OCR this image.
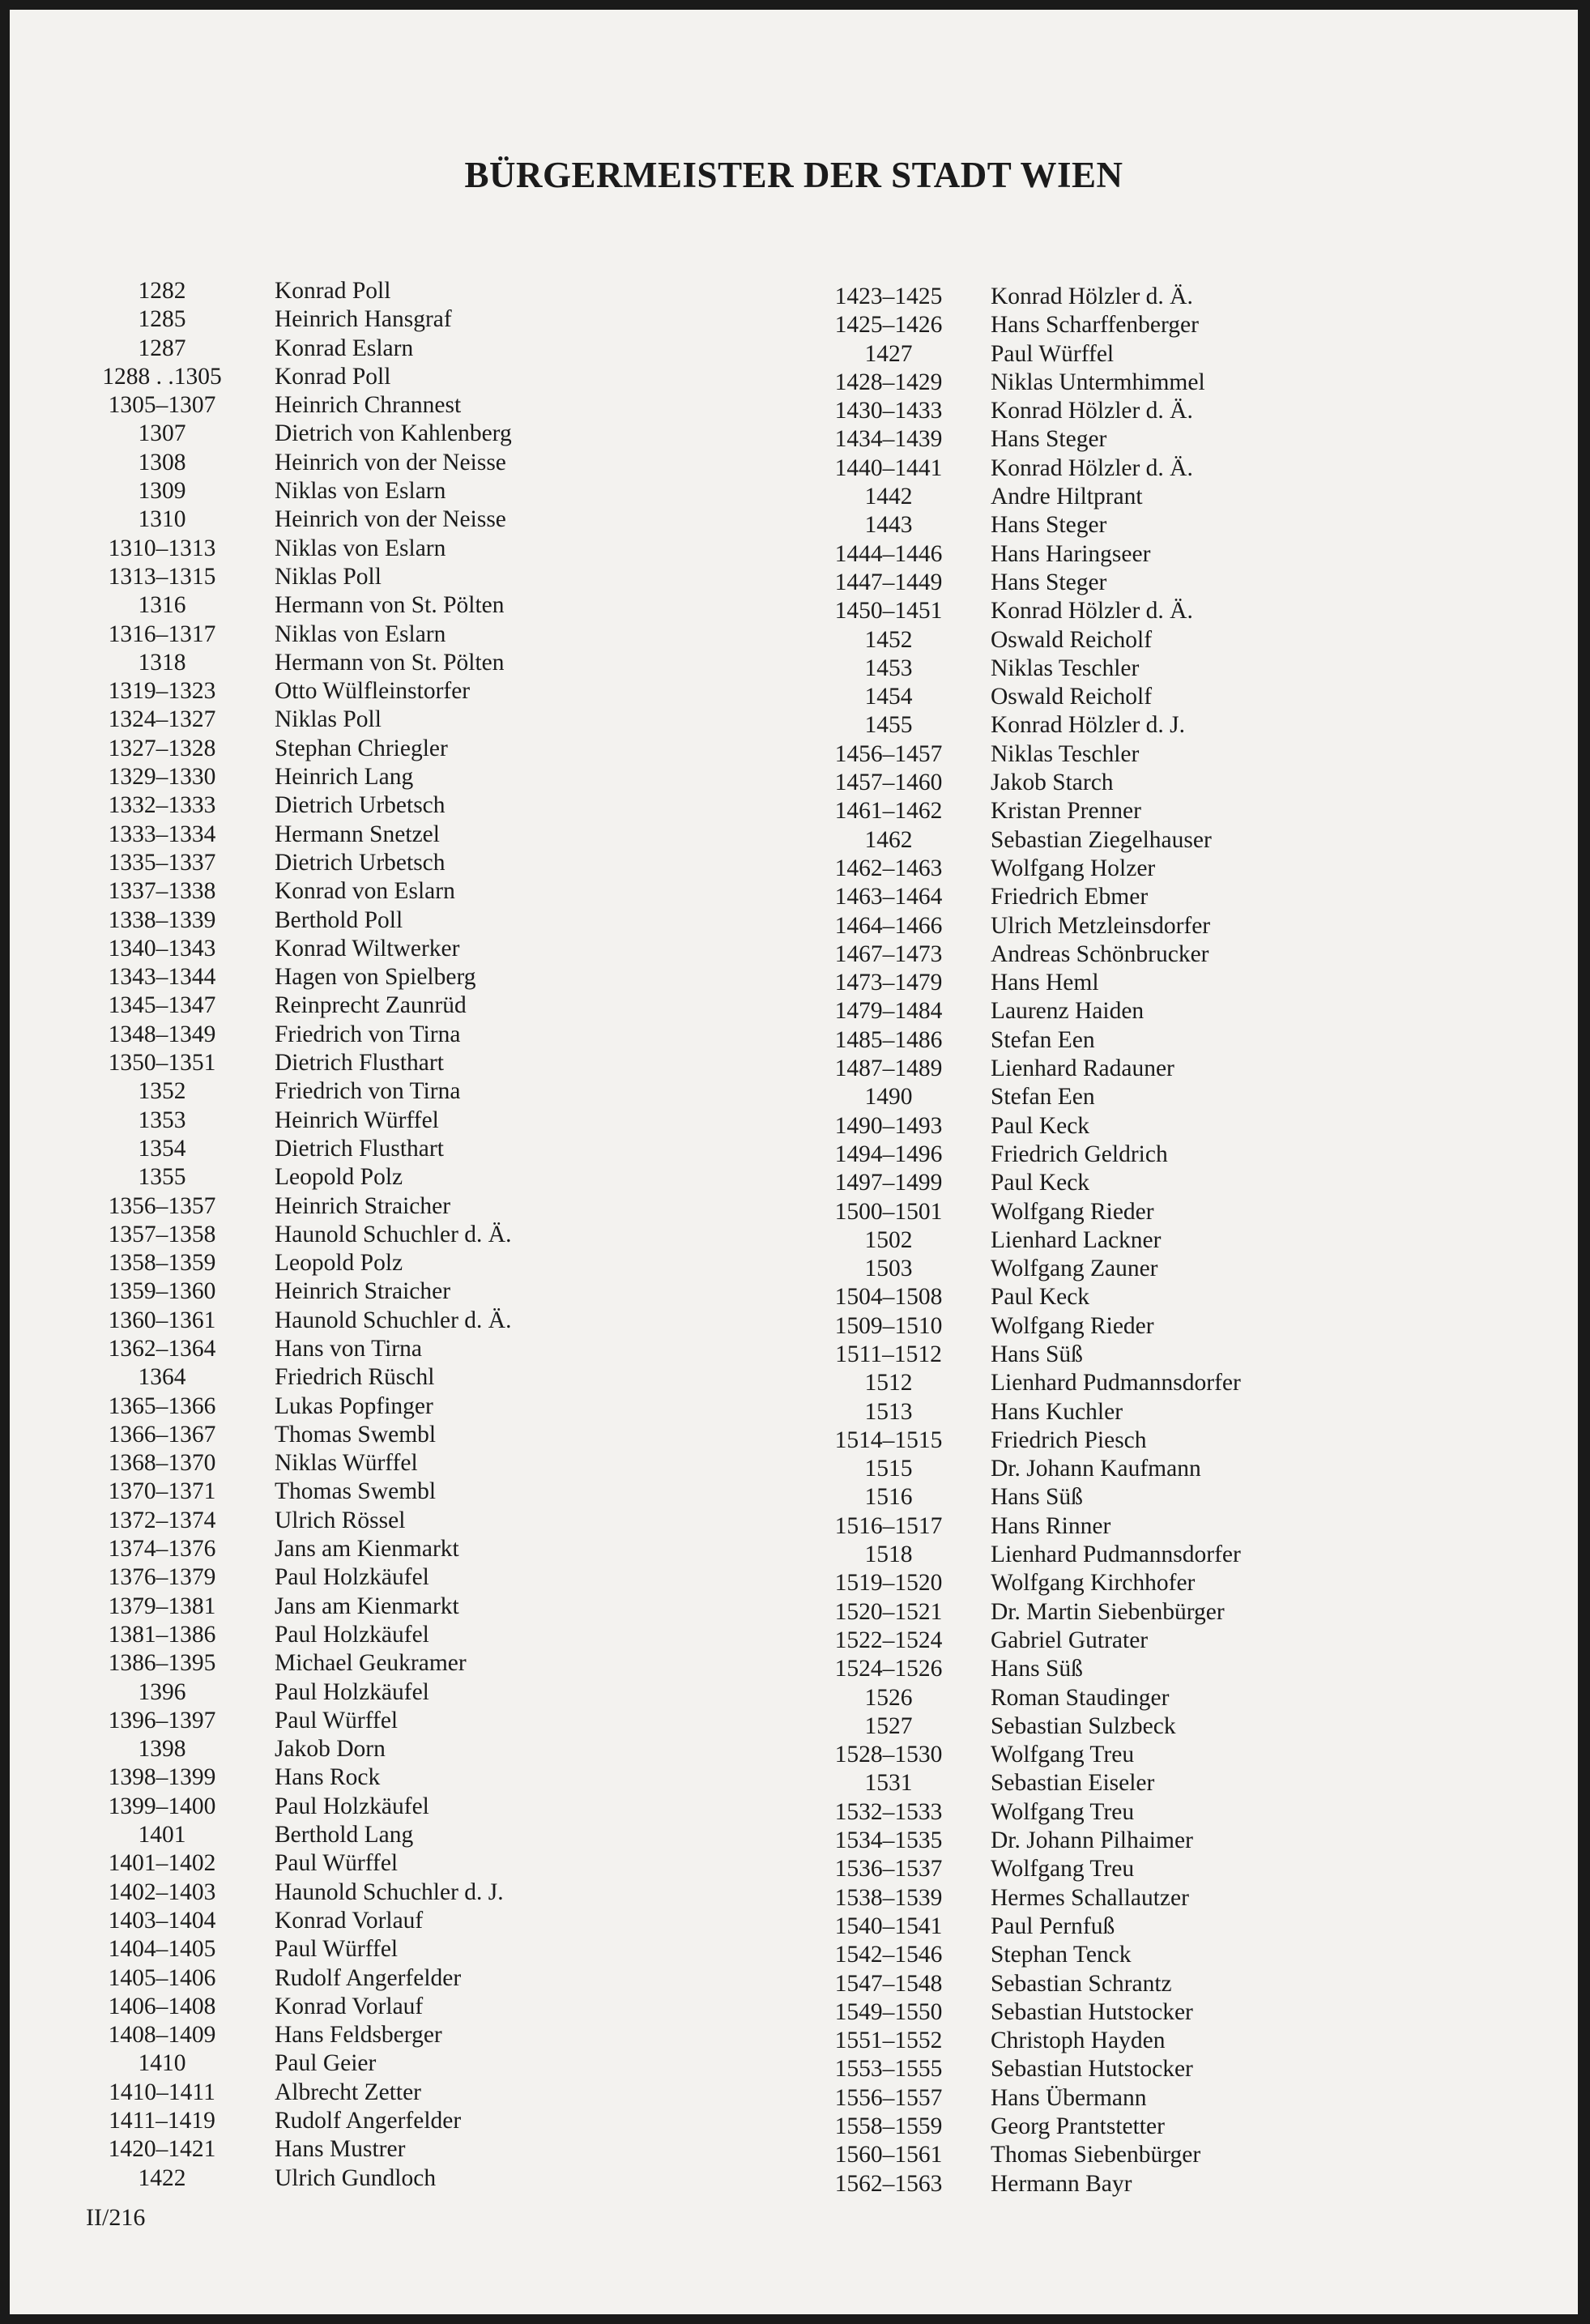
BÜRGERMEISTER DER STADT WIEN
1282	Konrad Poll
1285	Heinrich Hansgraf
1287	Konrad Eslarn
1288 . .1305	Konrad Poll
1305–1307	Heinrich Chrannest
1307	Dietrich von Kahlenberg
1308	Heinrich von der Neisse
1309	Niklas von Eslarn
1310	Heinrich von der Neisse
1310–1313	Niklas von Eslarn
1313–1315	Niklas Poll
1316	Hermann von St. Pölten
1316–1317	Niklas von Eslarn
1318	Hermann von St. Pölten
1319–1323	Otto Wülfleinstorfer
1324–1327	Niklas Poll
1327–1328	Stephan Chriegler
1329–1330	Heinrich Lang
1332–1333	Dietrich Urbetsch
1333–1334	Hermann Snetzel
1335–1337	Dietrich Urbetsch
1337–1338	Konrad von Eslarn
1338–1339	Berthold Poll
1340–1343	Konrad Wiltwerker
1343–1344	Hagen von Spielberg
1345–1347	Reinprecht Zaunrüd
1348–1349	Friedrich von Tirna
1350–1351	Dietrich Flusthart
1352	Friedrich von Tirna
1353	Heinrich Würffel
1354	Dietrich Flusthart
1355	Leopold Polz
1356–1357	Heinrich Straicher
1357–1358	Haunold Schuchler d. Ä.
1358–1359	Leopold Polz
1359–1360	Heinrich Straicher
1360–1361	Haunold Schuchler d. Ä.
1362–1364	Hans von Tirna
1364	Friedrich Rüschl
1365–1366	Lukas Popfinger
1366–1367	Thomas Swembl
1368–1370	Niklas Würffel
1370–1371	Thomas Swembl
1372–1374	Ulrich Rössel
1374–1376	Jans am Kienmarkt
1376–1379	Paul Holzkäufel
1379–1381	Jans am Kienmarkt
1381–1386	Paul Holzkäufel
1386–1395	Michael Geukramer
1396	Paul Holzkäufel
1396–1397	Paul Würffel
1398	Jakob Dorn
1398–1399	Hans Rock
1399–1400	Paul Holzkäufel
1401	Berthold Lang
1401–1402	Paul Würffel
1402–1403	Haunold Schuchler d. J.
1403–1404	Konrad Vorlauf
1404–1405	Paul Würffel
1405–1406	Rudolf Angerfelder
1406–1408	Konrad Vorlauf
1408–1409	Hans Feldsberger
1410	Paul Geier
1410–1411	Albrecht Zetter
1411–1419	Rudolf Angerfelder
1420–1421	Hans Mustrer
1422	Ulrich Gundloch
1423–1425	Konrad Hölzler d. Ä.
1425–1426	Hans Scharffenberger
1427	Paul Würffel
1428–1429	Niklas Untermhimmel
1430–1433	Konrad Hölzler d. Ä.
1434–1439	Hans Steger
1440–1441	Konrad Hölzler d. Ä.
1442	Andre Hiltprant
1443	Hans Steger
1444–1446	Hans Haringseer
1447–1449	Hans Steger
1450–1451	Konrad Hölzler d. Ä.
1452	Oswald Reicholf
1453	Niklas Teschler
1454	Oswald Reicholf
1455	Konrad Hölzler d. J.
1456–1457	Niklas Teschler
1457–1460	Jakob Starch
1461–1462	Kristan Prenner
1462	Sebastian Ziegelhauser
1462–1463	Wolfgang Holzer
1463–1464	Friedrich Ebmer
1464–1466	Ulrich Metzleinsdorfer
1467–1473	Andreas Schönbrucker
1473–1479	Hans Heml
1479–1484	Laurenz Haiden
1485–1486	Stefan Een
1487–1489	Lienhard Radauner
1490	Stefan Een
1490–1493	Paul Keck
1494–1496	Friedrich Geldrich
1497–1499	Paul Keck
1500–1501	Wolfgang Rieder
1502	Lienhard Lackner
1503	Wolfgang Zauner
1504–1508	Paul Keck
1509–1510	Wolfgang Rieder
1511–1512	Hans Süß
1512	Lienhard Pudmannsdorfer
1513	Hans Kuchler
1514–1515	Friedrich Piesch
1515	Dr. Johann Kaufmann
1516	Hans Süß
1516–1517	Hans Rinner
1518	Lienhard Pudmannsdorfer
1519–1520	Wolfgang Kirchhofer
1520–1521	Dr. Martin Siebenbürger
1522–1524	Gabriel Gutrater
1524–1526	Hans Süß
1526	Roman Staudinger
1527	Sebastian Sulzbeck
1528–1530	Wolfgang Treu
1531	Sebastian Eiseler
1532–1533	Wolfgang Treu
1534–1535	Dr. Johann Pilhaimer
1536–1537	Wolfgang Treu
1538–1539	Hermes Schallautzer
1540–1541	Paul Pernfuß
1542–1546	Stephan Tenck
1547–1548	Sebastian Schrantz
1549–1550	Sebastian Hutstocker
1551–1552	Christoph Hayden
1553–1555	Sebastian Hutstocker
1556–1557	Hans Übermann
1558–1559	Georg Prantstetter
1560–1561	Thomas Siebenbürger
1562–1563	Hermann Bayr
II/216
